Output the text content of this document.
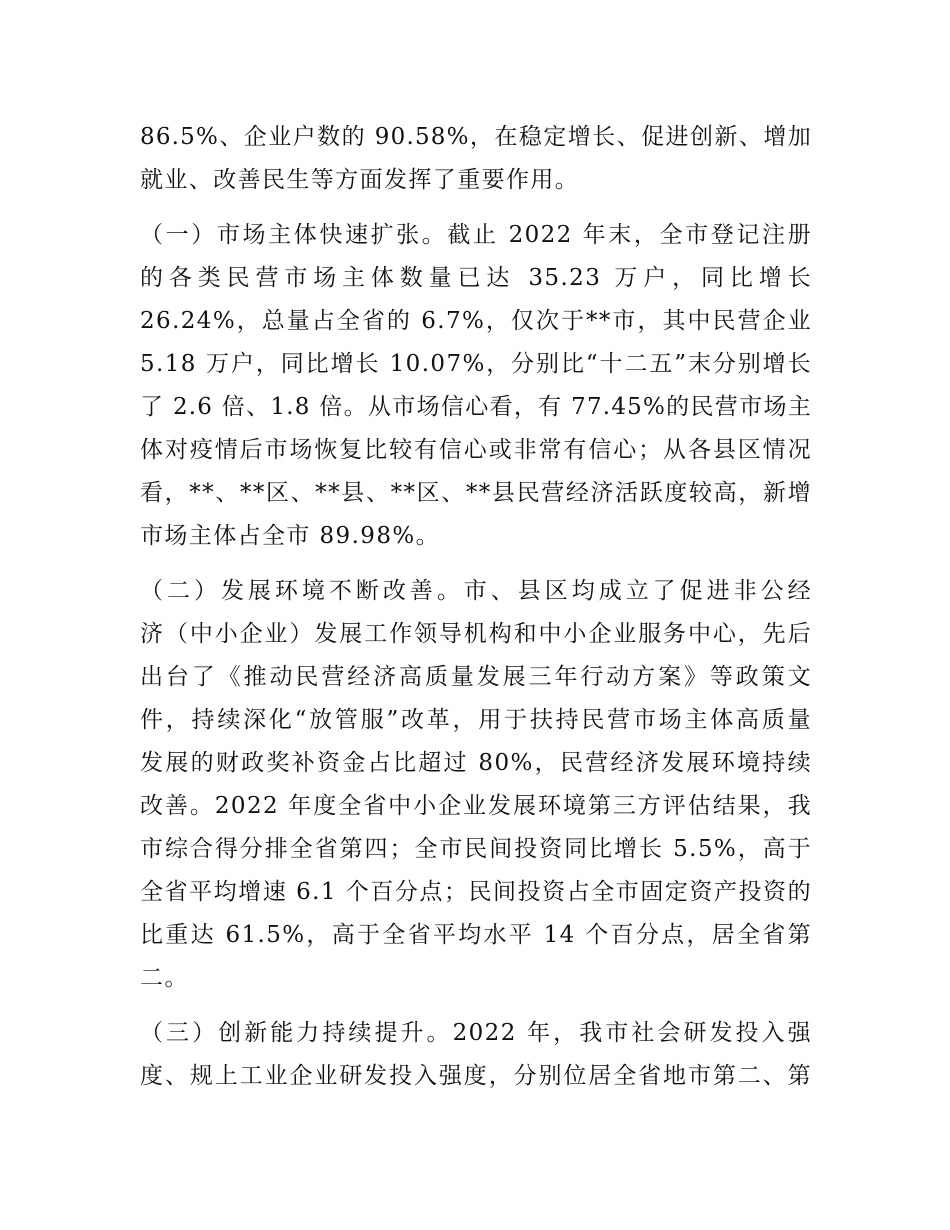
86.5%、企业户数的 90.58%，在稳定增长、促进创新、增加
就业、改善民生等方面发挥了重要作用。
（一）市场主体快速扩张。截止 2022 年末，全市登记注册
的各类民营市场主体数量已达 35.23 万户，同比增长
26.24%，总量占全省的 6.7%，仅次于**市，其中民营企业
5.18 万户，同比增长 10.07%，分别比“十二五”末分别增长
了 2.6 倍、1.8 倍。从市场信心看，有 77.45%的民营市场主
体对疫情后市场恢复比较有信心或非常有信心；从各县区情况
看，**、**区、**县、**区、**县民营经济活跃度较高，新增
市场主体占全市 89.98%。
（二）发展环境不断改善。市、县区均成立了促进非公经
济（中小企业）发展工作领导机构和中小企业服务中心，先后
出台了《推动民营经济高质量发展三年行动方案》等政策文
件，持续深化“放管服”改革，用于扶持民营市场主体高质量
发展的财政奖补资金占比超过 80%，民营经济发展环境持续
改善。2022 年度全省中小企业发展环境第三方评估结果，我
市综合得分排全省第四；全市民间投资同比增长 5.5%，高于
全省平均增速 6.1 个百分点；民间投资占全市固定资产投资的
比重达 61.5%，高于全省平均水平 14 个百分点，居全省第
二。
（三）创新能力持续提升。2022 年，我市社会研发投入强
度、规上工业企业研发投入强度，分别位居全省地市第二、第
